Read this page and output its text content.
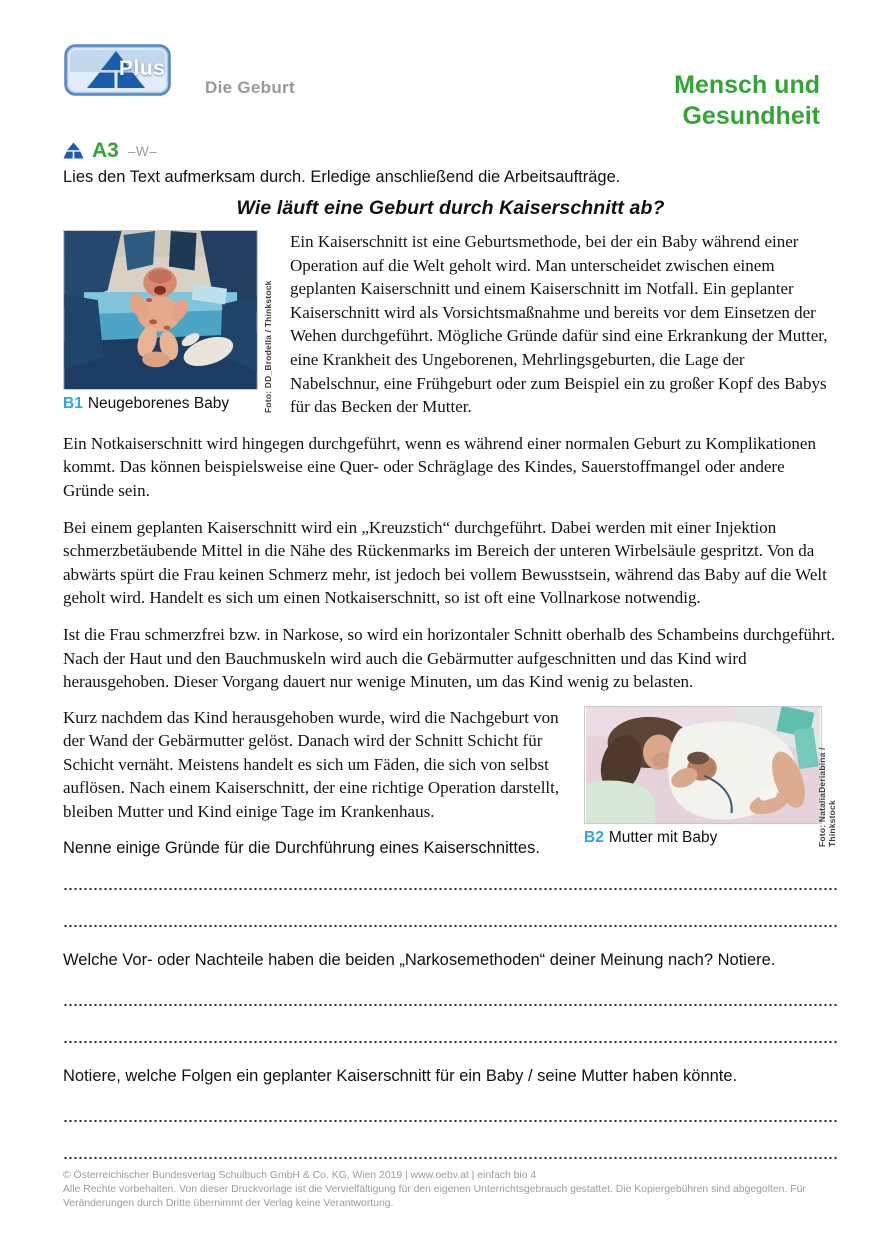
Plus
Die Geburt	Mensch und
Gesundheit
A3 –W–
Lies den Text aufmerksam durch. Erledige anschließend die Arbeitsaufträge.
Wie läuft eine Geburt durch Kaiserschnitt ab?
Foto: DD_Brodella / Thinkstock
B1 Neugeborenes Baby
Ein Kaiserschnitt ist eine Geburtsmethode, bei der ein Baby während einer Operation auf die Welt geholt wird. Man unterscheidet zwischen einem geplanten Kaiserschnitt und einem Kaiserschnitt im Notfall. Ein geplanter Kaiserschnitt wird als Vorsichtsmaßnahme und bereits vor dem Einsetzen der Wehen durchgeführt. Mögliche Gründe dafür sind eine Erkrankung der Mutter, eine Krankheit des Ungeborenen, Mehrlingsgeburten, die Lage der Nabelschnur, eine Frühgeburt oder zum Beispiel ein zu großer Kopf des Babys für das Becken der Mutter.
Ein Notkaiserschnitt wird hingegen durchgeführt, wenn es während einer normalen Geburt zu Komplikationen kommt. Das können beispielsweise eine Quer- oder Schräglage des Kindes, Sauerstoffmangel oder andere Gründe sein.
Bei einem geplanten Kaiserschnitt wird ein „Kreuzstich“ durchgeführt. Dabei werden mit einer Injektion schmerzbetäubende Mittel in die Nähe des Rückenmarks im Bereich der unteren Wirbelsäule gespritzt. Von da abwärts spürt die Frau keinen Schmerz mehr, ist jedoch bei vollem Bewusstsein, während das Baby auf die Welt geholt wird. Handelt es sich um einen Notkaiserschnitt, so ist oft eine Vollnarkose notwendig.
Ist die Frau schmerzfrei bzw. in Narkose, so wird ein horizontaler Schnitt oberhalb des Schambeins durchgeführt. Nach der Haut und den Bauchmuskeln wird auch die Gebärmutter aufgeschnitten und das Kind wird herausgehoben. Dieser Vorgang dauert nur wenige Minuten, um das Kind wenig zu belasten.
Foto: NataliaDeriabina / Thinkstock
B2 Mutter mit Baby
Kurz nachdem das Kind herausgehoben wurde, wird die Nachgeburt von der Wand der Gebärmutter gelöst. Danach wird der Schnitt Schicht für Schicht vernäht. Meistens handelt es sich um Fäden, die sich von selbst auflösen. Nach einem Kaiserschnitt, der eine richtige Operation darstellt, bleiben Mutter und Kind einige Tage im Krankenhaus.
Nenne einige Gründe für die Durchführung eines Kaiserschnittes.
Welche Vor- oder Nachteile haben die beiden „Narkosemethoden“ deiner Meinung nach? Notiere.
Notiere, welche Folgen ein geplanter Kaiserschnitt für ein Baby / seine Mutter haben könnte.
© Österreichischer Bundesverlag Schulbuch GmbH & Co. KG, Wien 2019 | www.oebv.at | einfach bio 4
Alle Rechte vorbehalten. Von dieser Druckvorlage ist die Vervielfältigung für den eigenen Unterrichtsgebrauch gestattet. Die Kopiergebühren sind abgegolten. Für Veränderungen durch Dritte übernimmt der Verlag keine Verantwortung.
